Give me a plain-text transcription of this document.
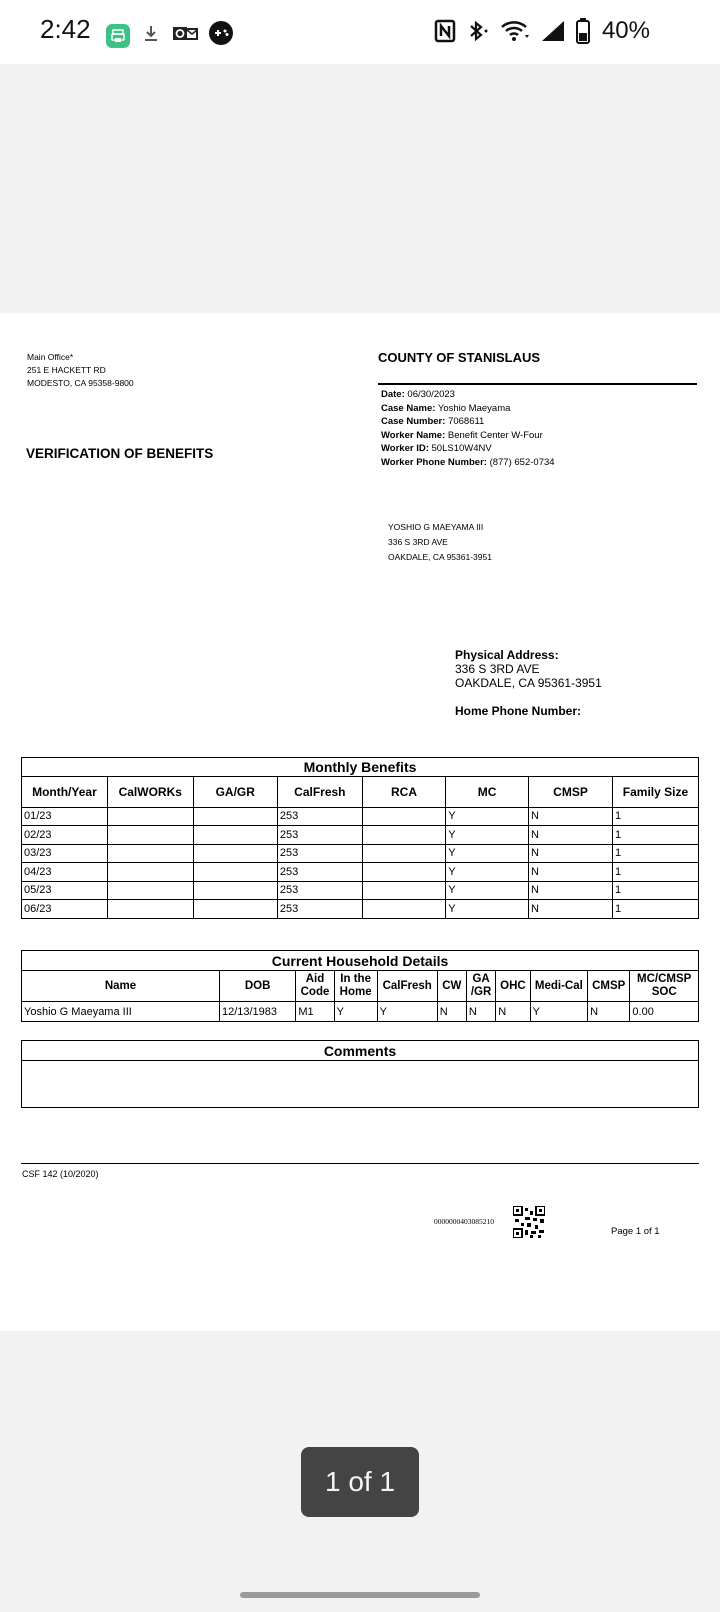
2:42	40%
Main Office*
251 E HACKETT RD
MODESTO, CA 95358-9800
COUNTY OF STANISLAUS
VERIFICATION OF BENEFITS
Date: 06/30/2023
Case Name: Yoshio Maeyama
Case Number: 7068611
Worker Name: Benefit Center W-Four
Worker ID: 50LS10W4NV
Worker Phone Number: (877) 652-0734
YOSHIO G MAEYAMA III
336 S 3RD AVE
OAKDALE, CA 95361-3951
Physical Address:
336 S 3RD AVE
OAKDALE, CA 95361-3951
Home Phone Number:
Monthly Benefits							
Month/Year	CalWORKs	GA/GR	CalFresh	RCA	MC	CMSP	Family Size
01/23			253		Y	N	1
02/23			253		Y	N	1
03/23			253		Y	N	1
04/23			253		Y	N	1
05/23			253		Y	N	1
06/23			253		Y	N	1
Current Household Details										
Name	DOB	Aid Code	In the Home	CalFresh	CW	GA /GR	OHC	Medi-Cal	CMSP	MC/CMSP SOC
Yoshio G Maeyama III	12/13/1983	M1	Y	Y	N	N	N	Y	N	0.00
Comments

CSF 142 (10/2020)
0000000403085210
Page 1 of 1
1 of 1
